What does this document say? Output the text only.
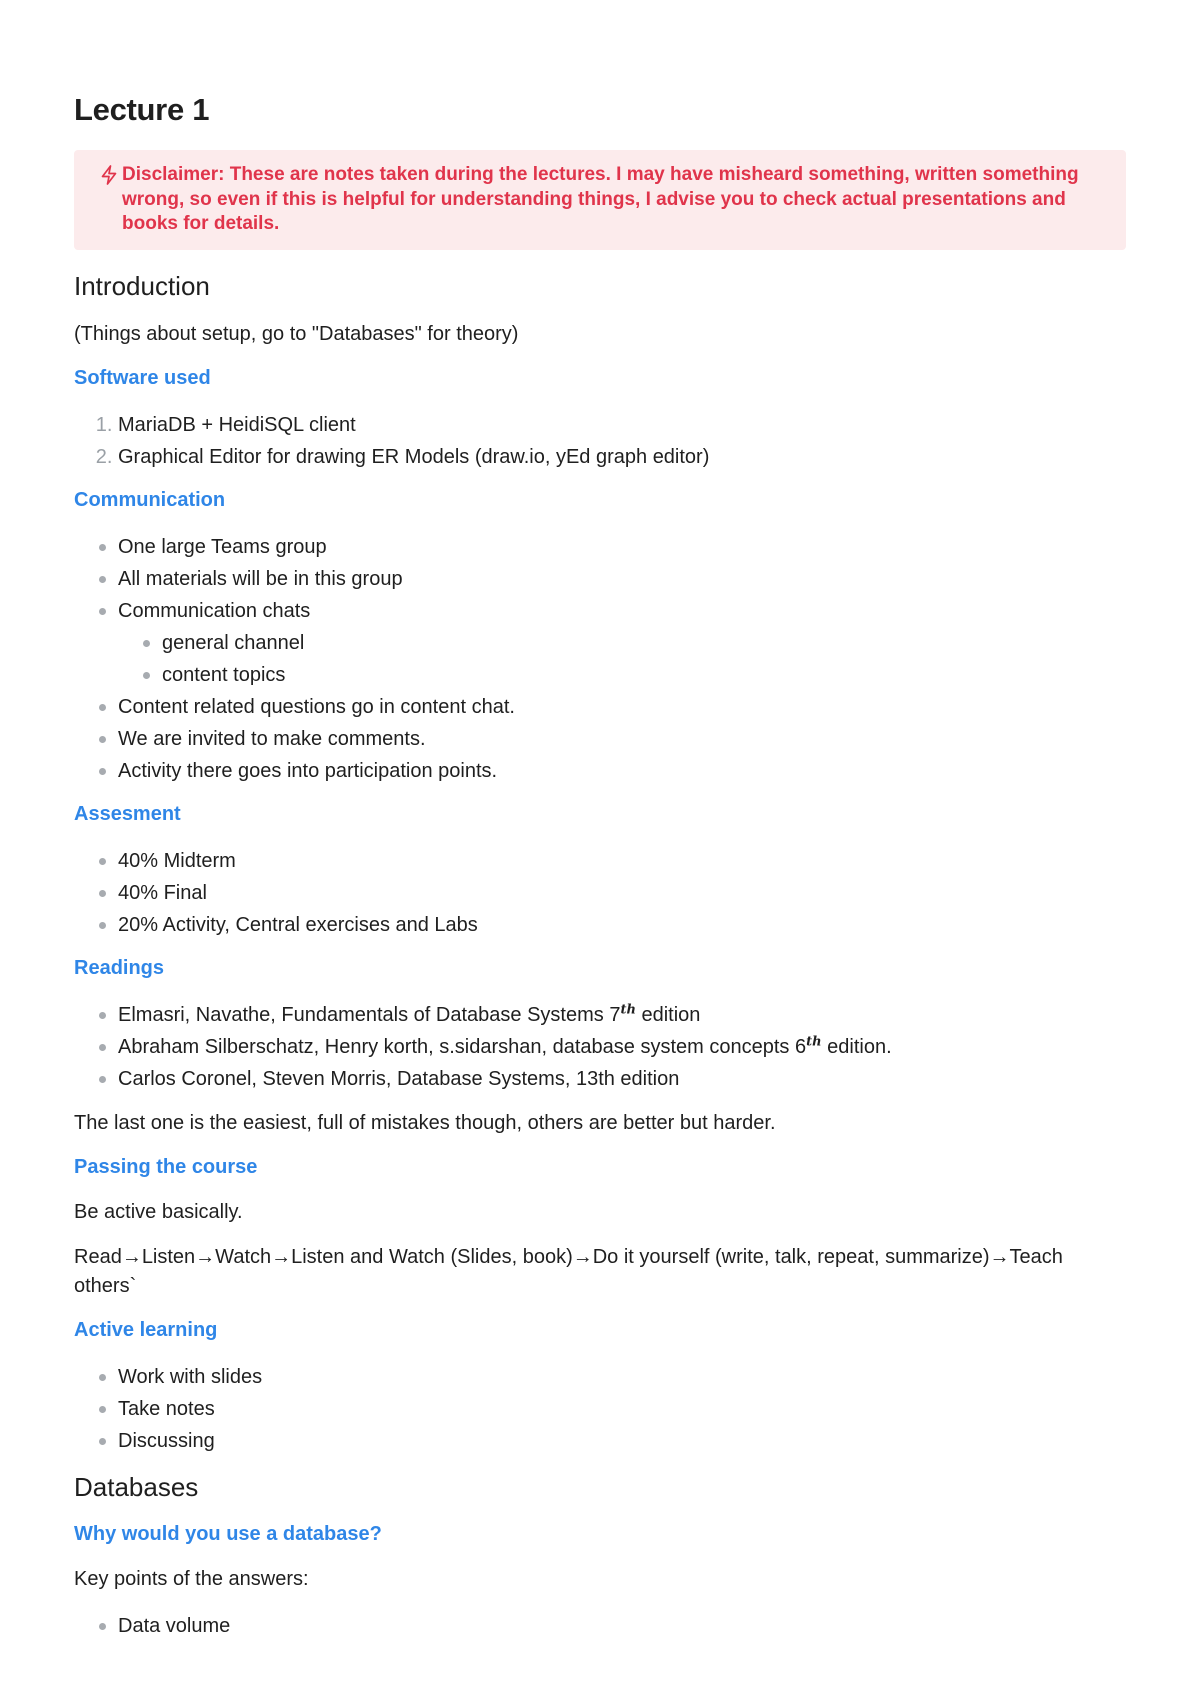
Lecture 1
Disclaimer: These are notes taken during the lectures. I may have misheard something, written something wrong, so even if this is helpful for understanding things, I advise you to check actual presentations and books for details.
Introduction

(Things about setup, go to "Databases" for theory)

Software used
1. MariaDB + HeidiSQL client
2. Graphical Editor for drawing ER Models (draw.io, yEd graph editor)
Communication
One large Teams group
All materials will be in this group
Communication chats
general channel
content topics
Content related questions go in content chat.
We are invited to make comments.
Activity there goes into participation points.
Assesment
40% Midterm
40% Final
20% Activity, Central exercises and Labs
Readings
Elmasri, Navathe, Fundamentals of Database Systems 7th edition
Abraham Silberschatz, Henry korth, s.sidarshan, database system concepts 6th edition.
Carlos Coronel, Steven Morris, Database Systems, 13th edition

The last one is the easiest, full of mistakes though, others are better but harder.

Passing the course

Be active basically.

Read→Listen→Watch→Listen and Watch (Slides, book)→Do it yourself (write, talk, repeat, summarize)→Teach others`

Active learning
Work with slides
Take notes
Discussing
Databases
Why would you use a database?

Key points of the answers:

Data volume
